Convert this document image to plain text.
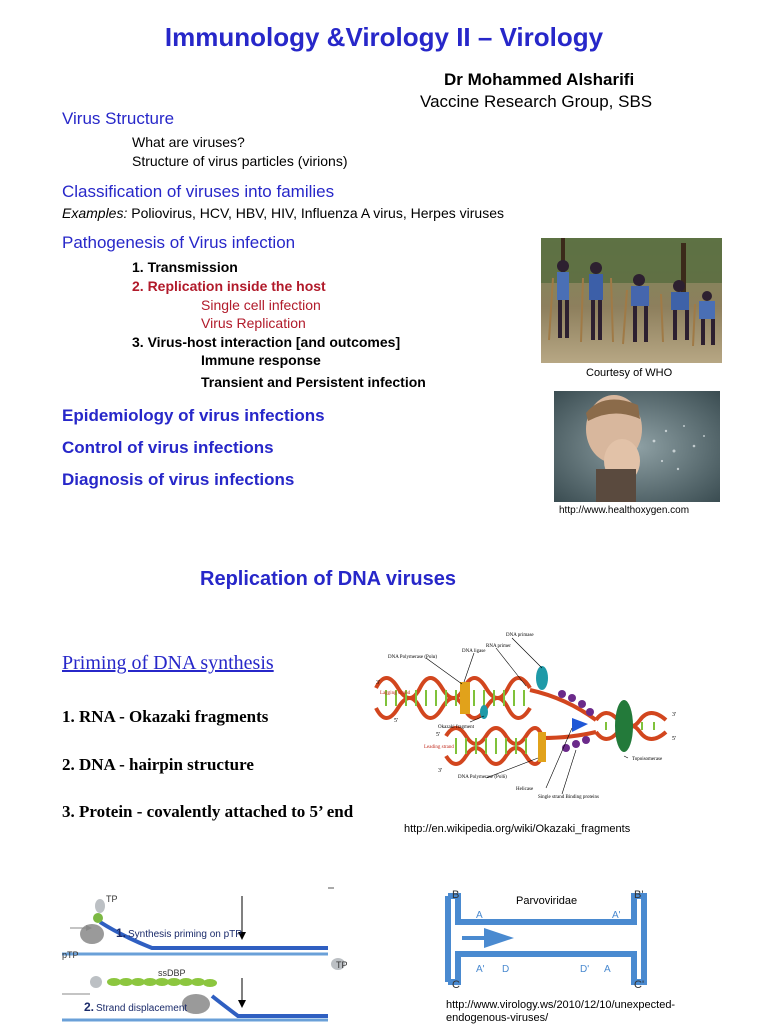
Immunology &Virology II – Virology
Dr Mohammed Alsharifi
Vaccine Research Group, SBS
Virus Structure
What are viruses?
Structure of virus particles (virions)
Classification of viruses into families
Examples: Poliovirus, HCV, HBV, HIV, Influenza A virus, Herpes viruses
Pathogenesis of Virus infection
1. Transmission
2. Replication inside the host
Single cell infection
Virus Replication
3. Virus-host interaction [and outcomes]
Immune response
Transient and Persistent infection
Epidemiology of virus infections
Control of virus infections
Diagnosis of virus infections
Courtesy of WHO
http://www.healthoxygen.com
Replication of DNA viruses
Priming of DNA synthesis
1. RNA - Okazaki fragments
2. DNA - hairpin structure
3. Protein - covalently attached to 5’ end
DNA primase
RNA primer
DNA ligase
DNA Polymerase (Polα)
Okazaki fragment
DNA Polymerase (Polδ)
Helicase
Single strand Binding proteins
Topoisomerase
Lagging strand
Leading strand
3'
5'
3'
5'
5'
3'
http://en.wikipedia.org/wiki/Okazaki_fragments
TP
pTP
TP
1. Synthesis priming on pTP
ssDBP
2. Strand displacement
Parvoviridae
B	B'
C	C'
A	A'
A' D	D' A
http://www.virology.ws/2010/12/10/unexpected-endogenous-viruses/
